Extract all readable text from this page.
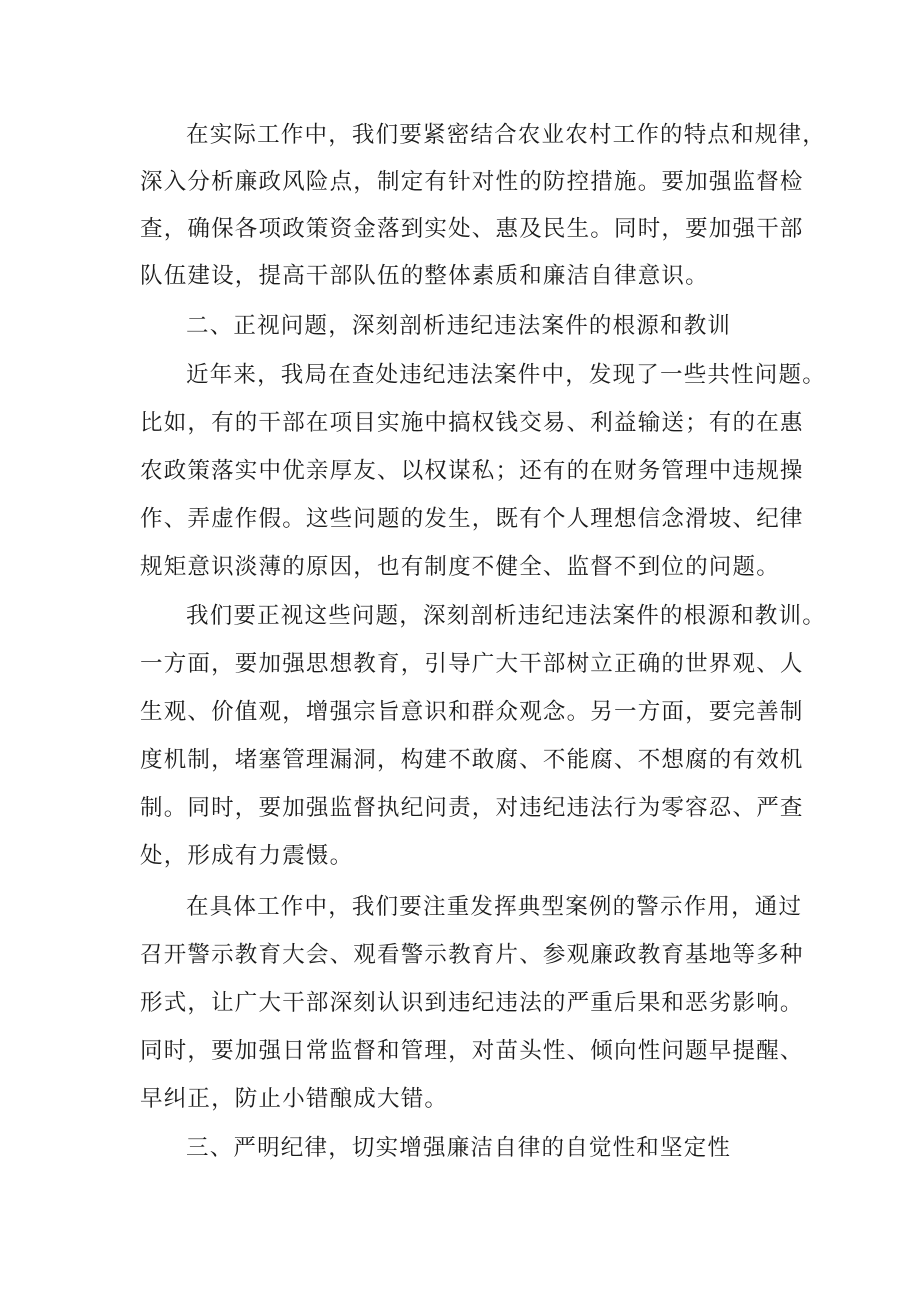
在实际工作中，我们要紧密结合农业农村工作的特点和规律，
深入分析廉政风险点，制定有针对性的防控措施。要加强监督检
查，确保各项政策资金落到实处、惠及民生。同时，要加强干部
队伍建设，提高干部队伍的整体素质和廉洁自律意识。
二、正视问题，深刻剖析违纪违法案件的根源和教训
近年来，我局在查处违纪违法案件中，发现了一些共性问题。
比如，有的干部在项目实施中搞权钱交易、利益输送；有的在惠
农政策落实中优亲厚友、以权谋私；还有的在财务管理中违规操
作、弄虚作假。这些问题的发生，既有个人理想信念滑坡、纪律
规矩意识淡薄的原因，也有制度不健全、监督不到位的问题。
我们要正视这些问题，深刻剖析违纪违法案件的根源和教训。
一方面，要加强思想教育，引导广大干部树立正确的世界观、人
生观、价值观，增强宗旨意识和群众观念。另一方面，要完善制
度机制，堵塞管理漏洞，构建不敢腐、不能腐、不想腐的有效机
制。同时，要加强监督执纪问责，对违纪违法行为零容忍、严查
处，形成有力震慑。
在具体工作中，我们要注重发挥典型案例的警示作用，通过
召开警示教育大会、观看警示教育片、参观廉政教育基地等多种
形式，让广大干部深刻认识到违纪违法的严重后果和恶劣影响。
同时，要加强日常监督和管理，对苗头性、倾向性问题早提醒、
早纠正，防止小错酿成大错。
三、严明纪律，切实增强廉洁自律的自觉性和坚定性
